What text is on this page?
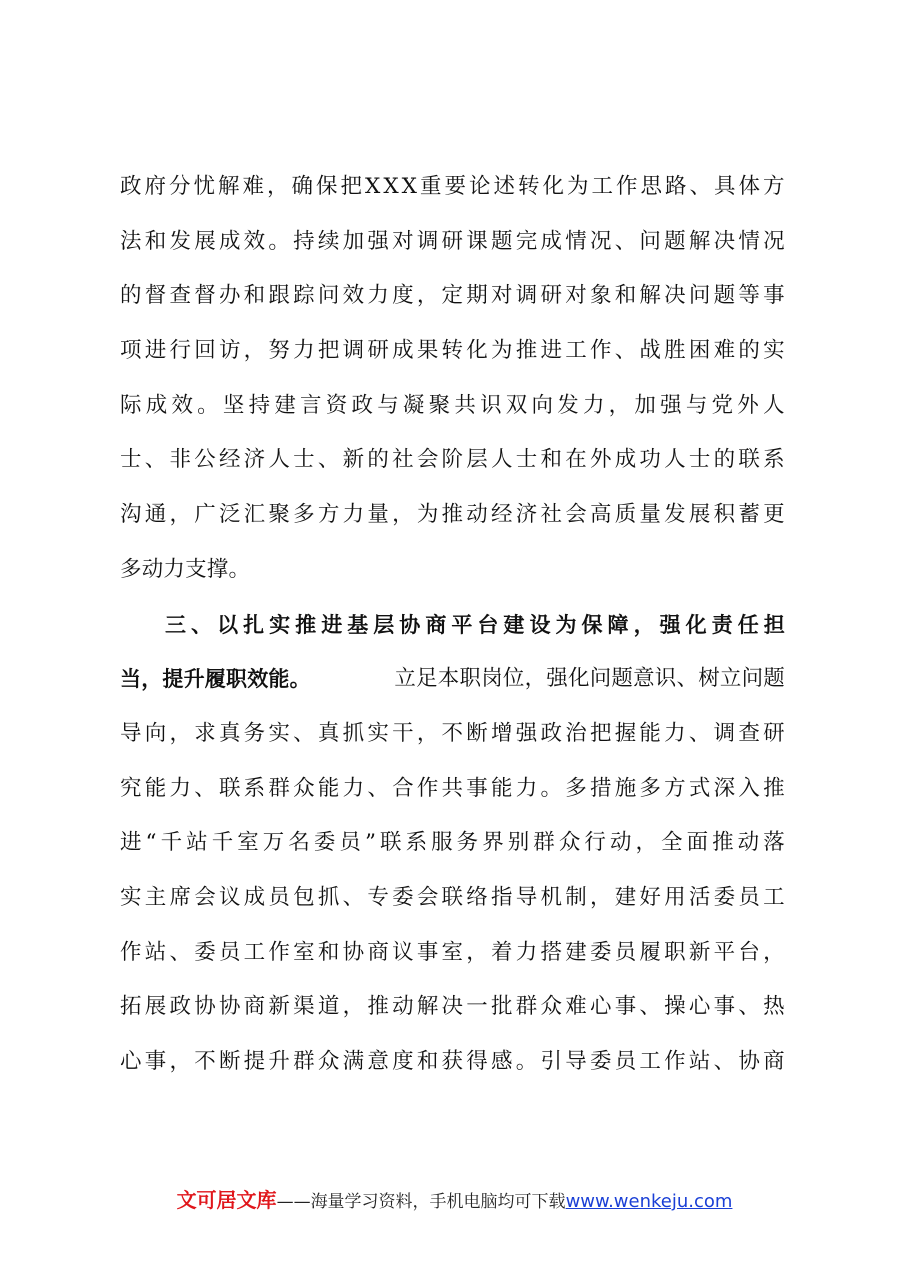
政 府 分 忧 解 难 ， 确 保 把 X X X 重 要 论 述 转 化 为 工 作 思 路 、 具 体 方
法 和 发 展 成 效 。 持 续 加 强 对 调 研 课 题 完 成 情 况 、 问 题 解 决 情 况
的 督 查 督 办 和 跟 踪 问 效 力 度 ， 定 期 对 调 研 对 象 和 解 决 问 题 等 事
项 进 行 回 访 ， 努 力 把 调 研 成 果 转 化 为 推 进 工 作 、 战 胜 困 难 的 实
际 成 效 。 坚 持 建 言 资 政 与 凝 聚 共 识 双 向 发 力 ， 加 强 与 党 外 人
士 、 非 公 经 济 人 士 、 新 的 社 会 阶 层 人 士 和 在 外 成 功 人 士 的 联 系
沟 通 ， 广 泛 汇 聚 多 方 力 量 ， 为 推 动 经 济 社 会 高 质 量 发 展 积 蓄 更
多动力支撑。
三 、 以 扎 实 推 进 基 层 协 商 平 台 建 设 为 保 障 ， 强 化 责 任 担
当，提升履职效能。	立足本职岗位，强化问题意识、树立问题
导 向 ， 求 真 务 实 、 真 抓 实 干 ， 不 断 增 强 政 治 把 握 能 力 、 调 查 研
究 能 力 、 联 系 群 众 能 力 、 合 作 共 事 能 力 。 多 措 施 多 方 式 深 入 推
进 “ 千 站 千 室 万 名 委 员 ” 联 系 服 务 界 别 群 众 行 动 ， 全 面 推 动 落
实 主 席 会 议 成 员 包 抓 、 专 委 会 联 络 指 导 机 制 ， 建 好 用 活 委 员 工
作 站 、 委 员 工 作 室 和 协 商 议 事 室 ， 着 力 搭 建 委 员 履 职 新 平 台 ，
拓 展 政 协 协 商 新 渠 道 ， 推 动 解 决 一 批 群 众 难 心 事 、 操 心 事 、 热
心 事 ， 不 断 提 升 群 众 满 意 度 和 获 得 感 。 引 导 委 员 工 作 站 、 协 商
文可居文库——海量学习资料，手机电脑均可下载www.wenkeju.com
